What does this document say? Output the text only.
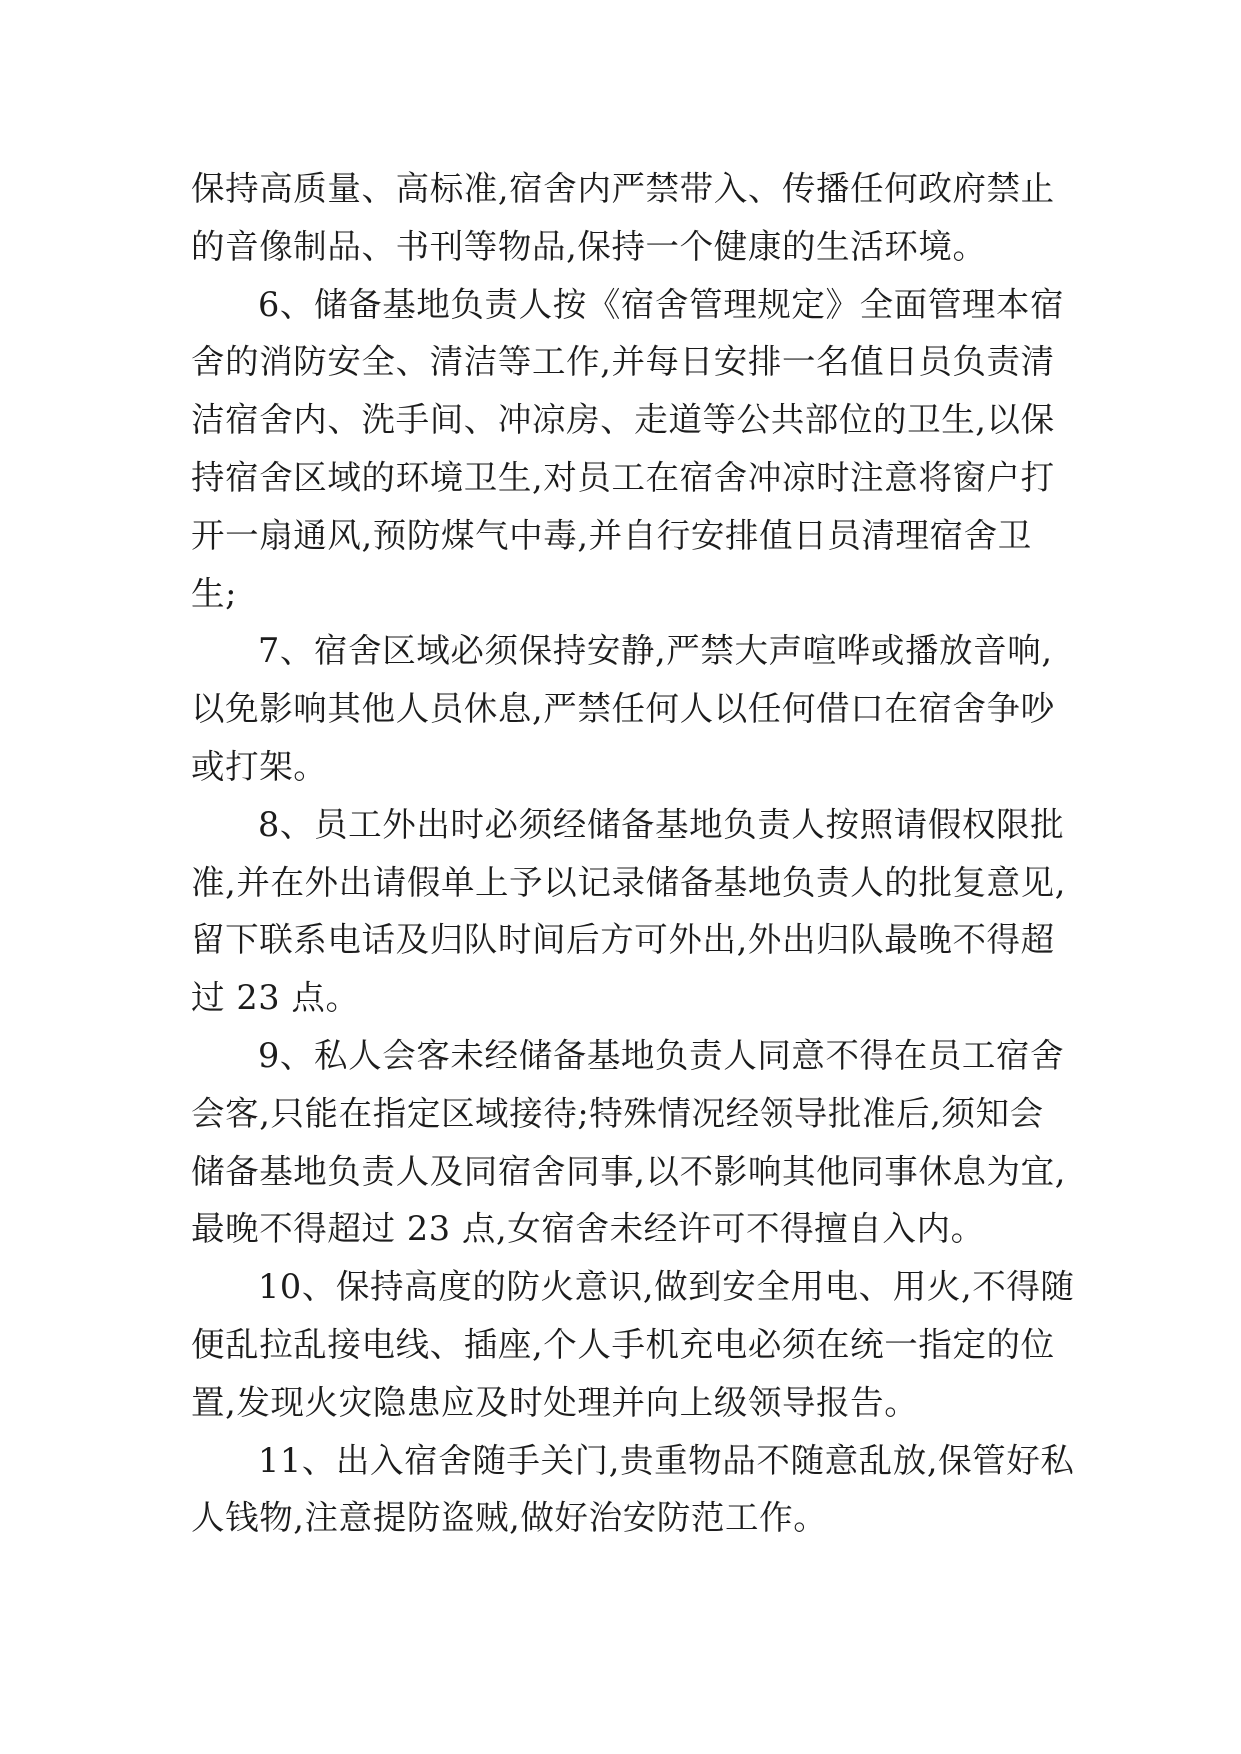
保持高质量、高标准,宿舍内严禁带入、传播任何政府禁止
的音像制品、书刊等物品,保持一个健康的生活环境。

6、储备基地负责人按《宿舍管理规定》全面管理本宿
舍的消防安全、清洁等工作,并每日安排一名值日员负责清
洁宿舍内、洗手间、冲凉房、走道等公共部位的卫生,以保
持宿舍区域的环境卫生,对员工在宿舍冲凉时注意将窗户打
开一扇通风,预防煤气中毒,并自行安排值日员清理宿舍卫
生;

7、宿舍区域必须保持安静,严禁大声喧哗或播放音响,
以免影响其他人员休息,严禁任何人以任何借口在宿舍争吵
或打架。

8、员工外出时必须经储备基地负责人按照请假权限批
准,并在外出请假单上予以记录储备基地负责人的批复意见,
留下联系电话及归队时间后方可外出,外出归队最晚不得超
过 23 点。

9、私人会客未经储备基地负责人同意不得在员工宿舍
会客,只能在指定区域接待;特殊情况经领导批准后,须知会
储备基地负责人及同宿舍同事,以不影响其他同事休息为宜,
最晚不得超过 23 点,女宿舍未经许可不得擅自入内。

10、保持高度的防火意识,做到安全用电、用火,不得随
便乱拉乱接电线、插座,个人手机充电必须在统一指定的位
置,发现火灾隐患应及时处理并向上级领导报告。

11、出入宿舍随手关门,贵重物品不随意乱放,保管好私
人钱物,注意提防盗贼,做好治安防范工作。
